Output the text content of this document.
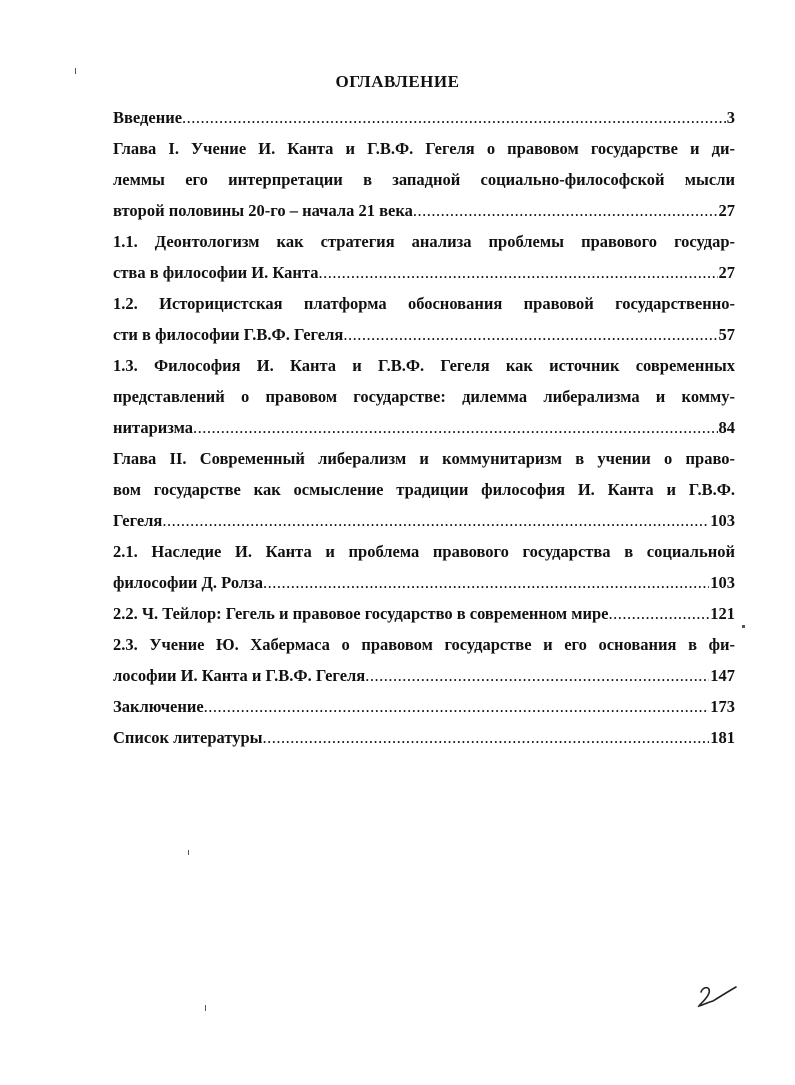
ОГЛАВЛЕНИЕ
Введение .....	3
Глава I. Учение И. Канта и Г.В.Ф. Гегеля о правовом государстве и ди-
леммы его интерпретации в западной социально-философской мысли
второй половины 20-го – начала 21 века .....	27
1.1. Деонтологизм как стратегия анализа проблемы правового государ-
ства в философии И. Канта .....	27
1.2. Историцистская платформа обоснования правовой государственно-
сти в философии Г.В.Ф. Гегеля .....	57
1.3. Философия И. Канта и Г.В.Ф. Гегеля как источник современных
представлений о правовом государстве: дилемма либерализма и комму-
нитаризма .....	84
Глава II. Современный либерализм и коммунитаризм в учении о право-
вом государстве как осмысление традиции философия И. Канта и Г.В.Ф.
Гегеля .....	103
2.1. Наследие И. Канта и проблема правового государства в социальной
философии Д. Ролза .....	103
2.2. Ч. Тейлор: Гегель и правовое государство в современном мире .....	121
2.3. Учение Ю. Хабермаса о правовом государстве и его основания в фи-
лософии И. Канта и Г.В.Ф. Гегеля .....	147
Заключение .....	173
Список литературы .....	181
